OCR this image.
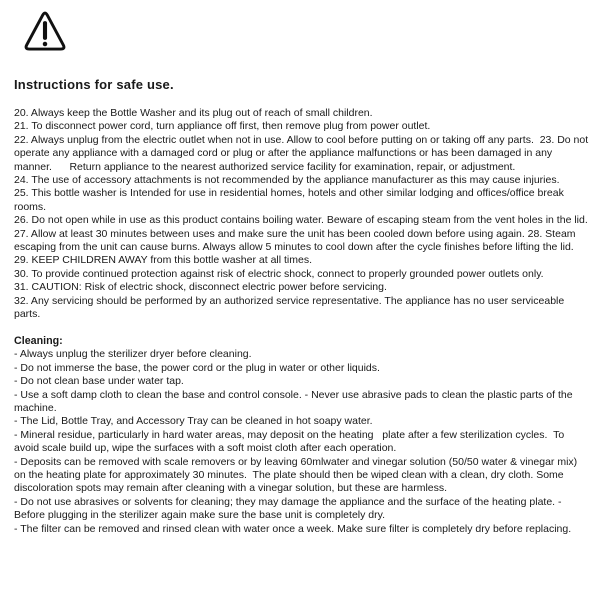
Instructions for safe use.

20. Always keep the Bottle Washer and its plug out of reach of small children.

21. To disconnect power cord, turn appliance off first, then remove plug from power outlet.

22. Always unplug from the electric outlet when not in use. Allow to cool before putting on or taking off any parts.  23. Do not operate any appliance with a damaged cord or plug or after the appliance malfunctions or has been damaged in any manner.      Return appliance to the nearest authorized service facility for examination, repair, or adjustment.

24. The use of accessory attachments is not recommended by the appliance manufacturer as this may cause injuries.

25. This bottle washer is Intended for use in residential homes, hotels and other similar lodging and offices/office break rooms.

26. Do not open while in use as this product contains boiling water. Beware of escaping steam from the vent holes in the lid.

27. Allow at least 30 minutes between uses and make sure the unit has been cooled down before using again. 28. Steam escaping from the unit can cause burns. Always allow 5 minutes to cool down after the cycle finishes before lifting the lid.

29. KEEP CHILDREN AWAY from this bottle washer at all times.

30. To provide continued protection against risk of electric shock, connect to properly grounded power outlets only.

31. CAUTION: Risk of electric shock, disconnect electric power before servicing.

32. Any servicing should be performed by an authorized service representative. The appliance has no user serviceable parts.

Cleaning:

- Always unplug the sterilizer dryer before cleaning.

- Do not immerse the base, the power cord or the plug in water or other liquids.

- Do not clean base under water tap.

- Use a soft damp cloth to clean the base and control console. - Never use abrasive pads to clean the plastic parts of the machine.

- The Lid, Bottle Tray, and Accessory Tray can be cleaned in hot soapy water.

- Mineral residue, particularly in hard water areas, may deposit on the heating   plate after a few sterilization cycles.  To avoid scale build up, wipe the surfaces with a soft moist cloth after each operation.

- Deposits can be removed with scale removers or by leaving 60mlwater and vinegar solution (50/50 water & vinegar mix) on the heating plate for approximately 30 minutes.  The plate should then be wiped clean with a clean, dry cloth. Some discoloration spots may remain after cleaning with a vinegar solution, but these are harmless.

- Do not use abrasives or solvents for cleaning; they may damage the appliance and the surface of the heating plate. - Before plugging in the sterilizer again make sure the base unit is completely dry.

- The filter can be removed and rinsed clean with water once a week. Make sure filter is completely dry before replacing.
